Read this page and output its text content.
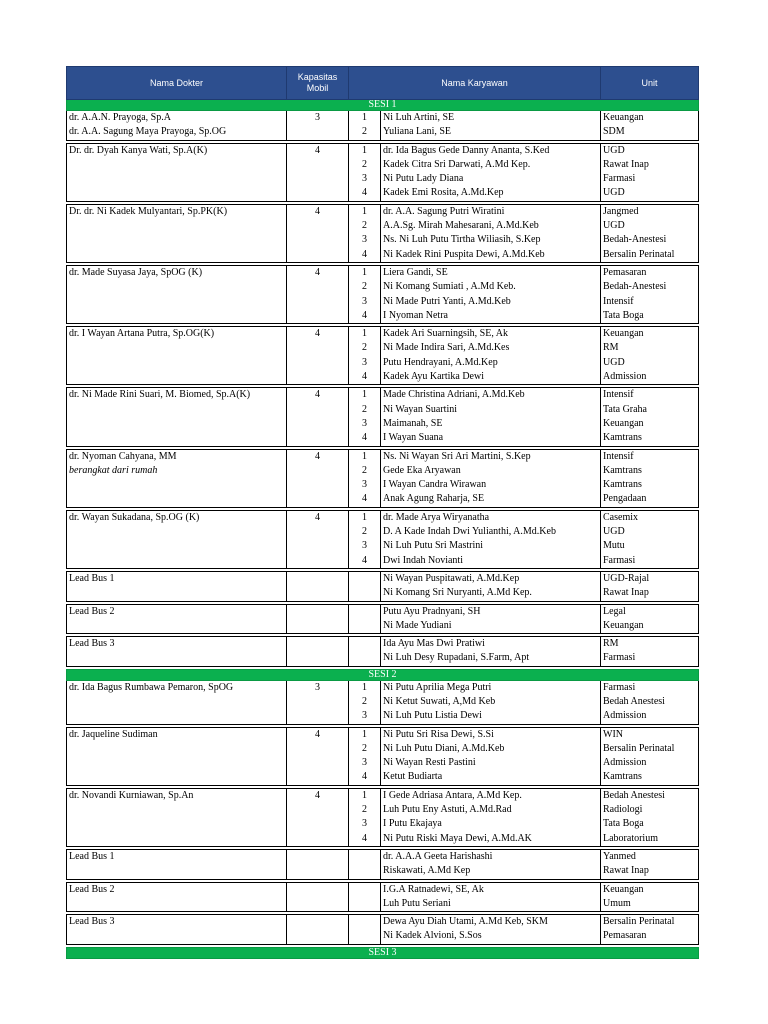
Nama Dokter	Kapasitas Mobil	Nama Karyawan		Unit
SESI 1				
dr. A.A.N. Prayoga, Sp.A	3	1	Ni Luh Artini, SE	Keuangan
dr. A.A. Sagung Maya Prayoga, Sp.OG		2	Yuliana Lani, SE	SDM

Dr. dr. Dyah Kanya Wati, Sp.A(K)	4	1	dr. Ida Bagus Gede Danny Ananta, S.Ked	UGD
		2	Kadek Citra Sri Darwati, A.Md Kep.	Rawat Inap
		3	Ni Putu Lady Diana	Farmasi
		4	Kadek Emi Rosita, A.Md.Kep	UGD

Dr. dr. Ni Kadek Mulyantari, Sp.PK(K)	4	1	dr. A.A. Sagung Putri Wiratini	Jangmed
		2	A.A.Sg. Mirah Mahesarani, A.Md.Keb	UGD
		3	Ns. Ni Luh Putu Tirtha Wiliasih, S.Kep	Bedah-Anestesi
		4	Ni Kadek Rini Puspita Dewi, A.Md.Keb	Bersalin Perinatal

dr. Made Suyasa Jaya, SpOG (K)	4	1	Liera Gandi, SE	Pemasaran
		2	Ni Komang Sumiati , A.Md Keb.	Bedah-Anestesi
		3	Ni Made Putri Yanti, A.Md.Keb	Intensif
		4	I Nyoman Netra	Tata Boga

dr. I Wayan Artana Putra, Sp.OG(K)	4	1	Kadek Ari Suarningsih, SE, Ak	Keuangan
		2	Ni Made Indira Sari, A.Md.Kes	RM
		3	Putu Hendrayani, A.Md.Kep	UGD
		4	Kadek Ayu Kartika Dewi	Admission

dr. Ni Made Rini Suari, M. Biomed, Sp.A(K)	4	1	Made Christina Adriani, A.Md.Keb	Intensif
		2	Ni Wayan Suartini	Tata Graha
		3	Maimanah, SE	Keuangan
		4	I Wayan Suana	Kamtrans

dr. Nyoman Cahyana, MM	4	1	Ns. Ni Wayan Sri Ari Martini, S.Kep	Intensif
berangkat dari rumah		2	Gede Eka Aryawan	Kamtrans
		3	I Wayan Candra Wirawan	Kamtrans
		4	Anak Agung Raharja, SE	Pengadaan

dr. Wayan Sukadana, Sp.OG (K)	4	1	dr. Made Arya Wiryanatha	Casemix
		2	D. A Kade Indah Dwi Yulianthi, A.Md.Keb	UGD
		3	Ni Luh Putu Sri Mastrini	Mutu
		4	Dwi Indah Novianti	Farmasi

Lead Bus 1			Ni Wayan Puspitawati, A.Md.Kep	UGD-Rajal
			Ni Komang Sri Nuryanti, A.Md Kep.	Rawat Inap

Lead Bus 2			Putu Ayu Pradnyani, SH	Legal
			Ni Made Yudiani	Keuangan

Lead Bus 3			Ida Ayu Mas Dwi Pratiwi	RM
			Ni Luh Desy Rupadani, S.Farm, Apt	Farmasi

SESI 2				
dr. Ida Bagus Rumbawa Pemaron, SpOG	3	1	Ni Putu Aprilia Mega Putri	Farmasi
		2	Ni Ketut Suwati, A,Md Keb	Bedah Anestesi
		3	Ni Luh Putu Listia Dewi	Admission

dr. Jaqueline Sudiman	4	1	Ni Putu Sri Risa Dewi, S.Si	WIN
		2	Ni Luh Putu Diani, A.Md.Keb	Bersalin Perinatal
		3	Ni Wayan Resti Pastini	Admission
		4	Ketut Budiarta	Kamtrans

dr. Novandi Kurniawan, Sp.An	4	1	I Gede Adriasa Antara, A.Md Kep.	Bedah Anestesi
		2	Luh Putu Eny Astuti, A.Md.Rad	Radiologi
		3	I Putu Ekajaya	Tata Boga
		4	Ni Putu Riski Maya Dewi, A.Md.AK	Laboratorium

Lead Bus 1			dr. A.A.A Geeta Harishashi	Yanmed
			Riskawati, A.Md Kep	Rawat Inap

Lead Bus 2			I.G.A Ratnadewi, SE, Ak	Keuangan
			Luh Putu Seriani	Umum

Lead Bus 3			Dewa Ayu Diah Utami, A.Md Keb, SKM	Bersalin Perinatal
			Ni Kadek Alvioni, S.Sos	Pemasaran

SESI 3				
